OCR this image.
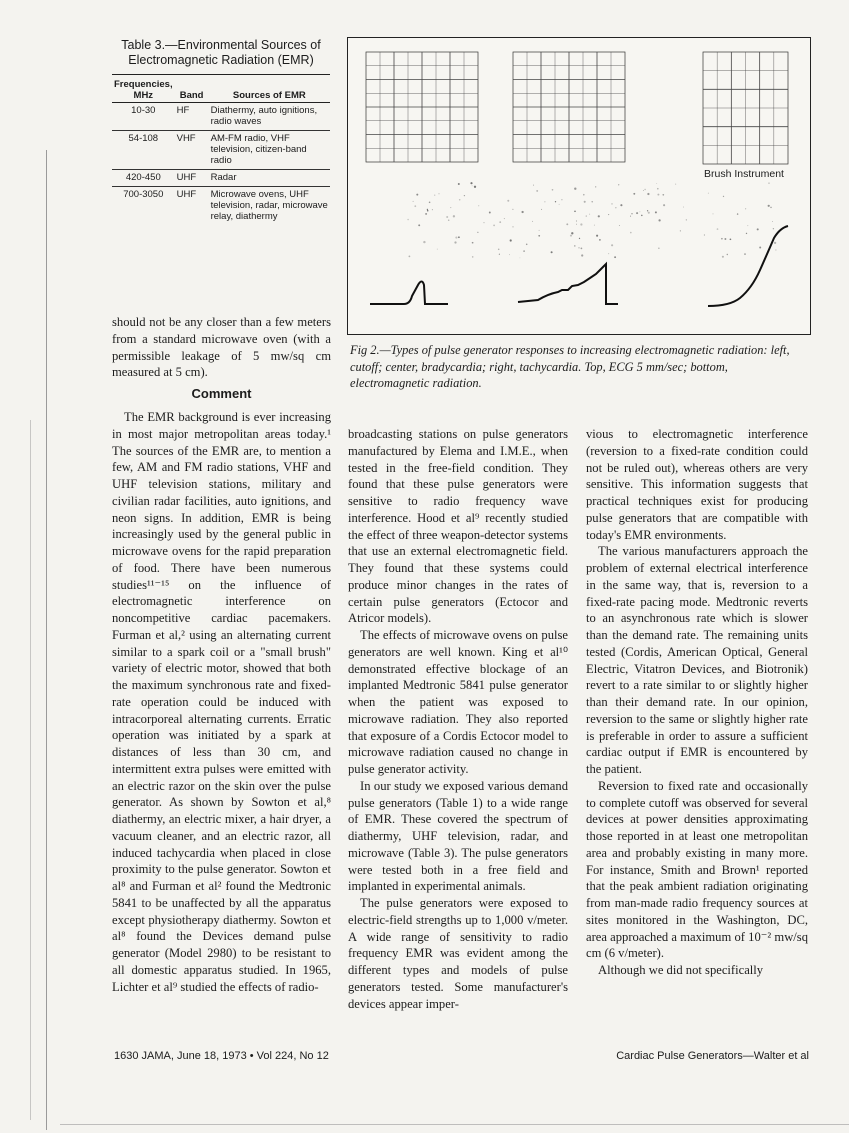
Table 3.—Environmental Sources of Electromagnetic Radiation (EMR)

Frequencies, MHz	Band	Sources of EMR
10-30	HF	Diathermy, auto ignitions, radio waves
54-108	VHF	AM-FM radio, VHF television, citizen-band radio
420-450	UHF	Radar
700-3050	UHF	Microwave ovens, UHF television, radar, microwave relay, diathermy
Brush Instrument
Fig 2.—Types of pulse generator responses to increasing electromagnetic radiation: left, cutoff; center, bradycardia; right, tachycardia. Top, ECG 5 mm/sec; bottom, electromagnetic radiation.

should not be any closer than a few meters from a standard microwave oven (with a permissible leakage of 5 mw/sq cm measured at 5 cm).

Comment

The EMR background is ever increasing in most major metropolitan areas today.¹ The sources of the EMR are, to mention a few, AM and FM radio stations, VHF and UHF television stations, military and civilian radar facilities, auto ignitions, and neon signs. In addition, EMR is being increasingly used by the general public in microwave ovens for the rapid preparation of food. There have been numerous studies¹¹⁻¹⁵ on the influence of electromagnetic interference on noncompetitive cardiac pacemakers. Furman et al,² using an alternating current similar to a spark coil or a "small brush" variety of electric motor, showed that both the maximum synchronous rate and fixed-rate operation could be induced with intracorporeal alternating currents. Erratic operation was initiated by a spark at distances of less than 30 cm, and intermittent extra pulses were emitted with an electric razor on the skin over the pulse generator. As shown by Sowton et al,⁸ diathermy, an electric mixer, a hair dryer, a vacuum cleaner, and an electric razor, all induced tachycardia when placed in close proximity to the pulse generator. Sowton et al⁸ and Furman et al² found the Medtronic 5841 to be unaffected by all the apparatus except physiotherapy diathermy. Sowton et al⁸ found the Devices demand pulse generator (Model 2980) to be resistant to all domestic apparatus studied. In 1965, Lichter et al⁹ studied the effects of radio-

broadcasting stations on pulse generators manufactured by Elema and I.M.E., when tested in the free-field condition. They found that these pulse generators were sensitive to radio frequency wave interference. Hood et al⁹ recently studied the effect of three weapon-detector systems that use an external electromagnetic field. They found that these systems could produce minor changes in the rates of certain pulse generators (Ectocor and Atricor models).

The effects of microwave ovens on pulse generators are well known. King et al¹⁰ demonstrated effective blockage of an implanted Medtronic 5841 pulse generator when the patient was exposed to microwave radiation. They also reported that exposure of a Cordis Ectocor model to microwave radiation caused no change in pulse generator activity.

In our study we exposed various demand pulse generators (Table 1) to a wide range of EMR. These covered the spectrum of diathermy, UHF television, radar, and microwave (Table 3). The pulse generators were tested both in a free field and implanted in experimental animals.

The pulse generators were exposed to electric-field strengths up to 1,000 v/meter. A wide range of sensitivity to radio frequency EMR was evident among the different types and models of pulse generators tested. Some manufacturer's devices appear imper-

vious to electromagnetic interference (reversion to a fixed-rate condition could not be ruled out), whereas others are very sensitive. This information suggests that practical techniques exist for producing pulse generators that are compatible with today's EMR environments.

The various manufacturers approach the problem of external electrical interference in the same way, that is, reversion to a fixed-rate pacing mode. Medtronic reverts to an asynchronous rate which is slower than the demand rate. The remaining units tested (Cordis, American Optical, General Electric, Vitatron Devices, and Biotronik) revert to a rate similar to or slightly higher than their demand rate. In our opinion, reversion to the same or slightly higher rate is preferable in order to assure a sufficient cardiac output if EMR is encountered by the patient.

Reversion to fixed rate and occasionally to complete cutoff was observed for several devices at power densities approximating those reported in at least one metropolitan area and probably existing in many more. For instance, Smith and Brown¹ reported that the peak ambient radiation originating from man-made radio frequency sources at sites monitored in the Washington, DC, area approached a maximum of 10⁻² mw/sq cm (6 v/meter).

Although we did not specifically

1630 JAMA, June 18, 1973 • Vol 224, No 12	Cardiac Pulse Generators—Walter et al
